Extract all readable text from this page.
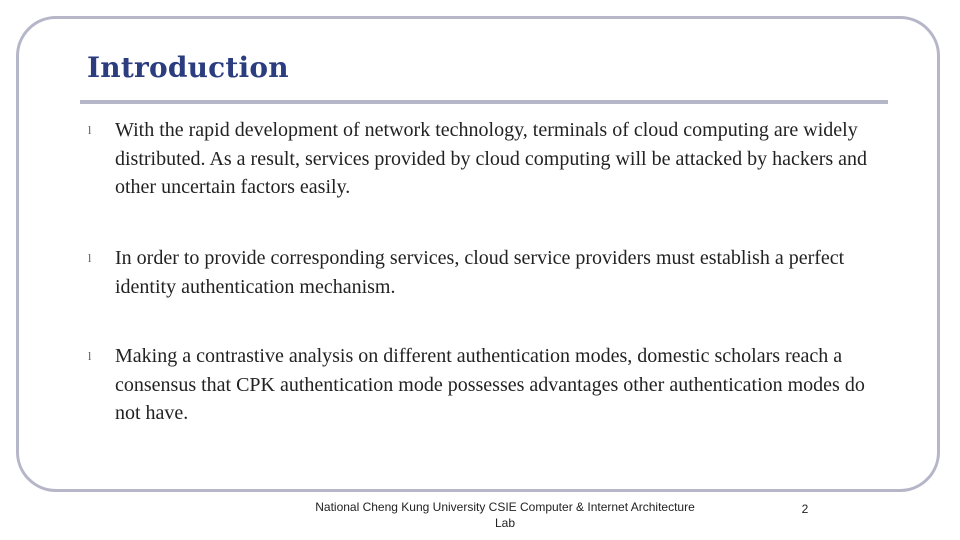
Introduction
l	With the rapid development of network technology, terminals of cloud computing are widely distributed. As a result, services provided by cloud computing will be attacked by hackers and other uncertain factors easily.
l	In order to provide corresponding services, cloud service providers must establish a perfect identity authentication mechanism.
l	Making a contrastive analysis on different authentication modes, domestic scholars reach a consensus that CPK authentication mode possesses advantages other authentication modes do not have.
National Cheng Kung University CSIE Computer & Internet Architecture Lab
2
